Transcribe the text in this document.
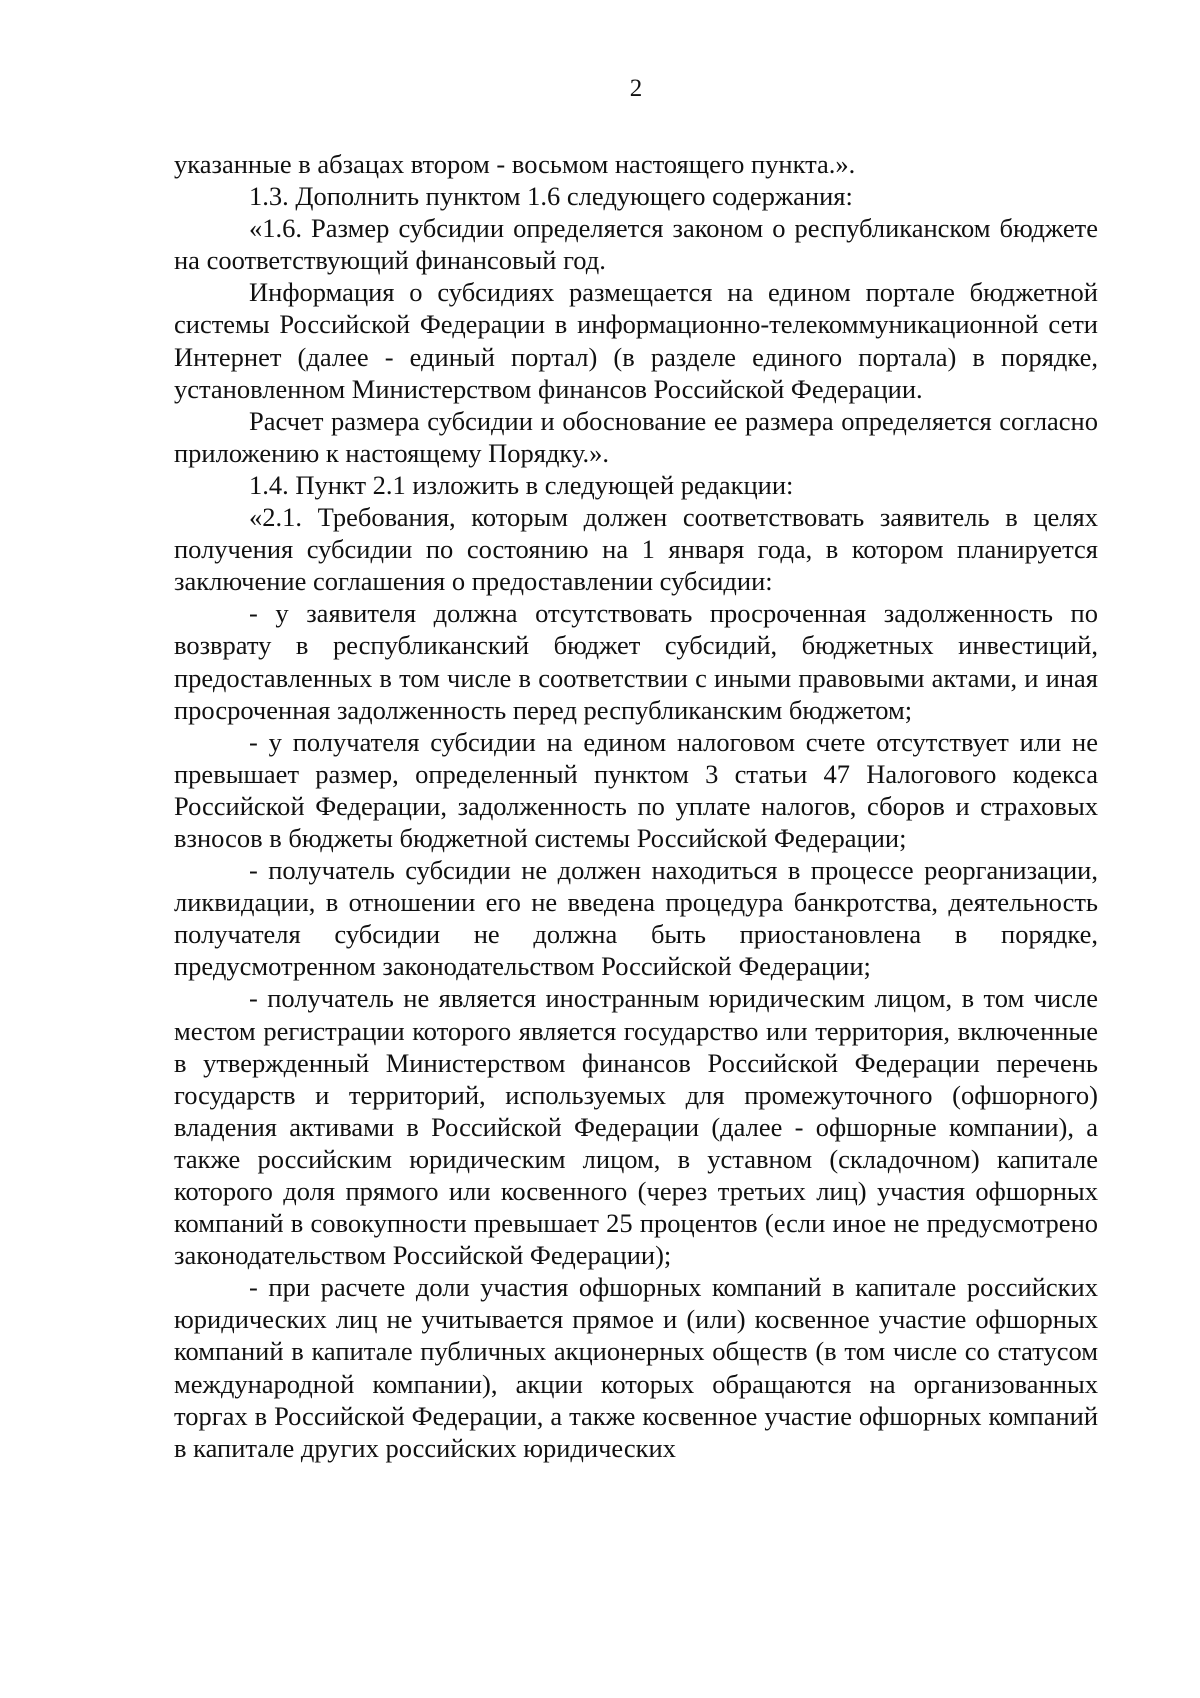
2

указанные в абзацах втором - восьмом настоящего пункта.».

1.3. Дополнить пунктом 1.6 следующего содержания:

«1.6. Размер субсидии определяется законом о республиканском бюджете на соответствующий финансовый год.

Информация о субсидиях размещается на едином портале бюджетной системы Российской Федерации в информационно-телекоммуникационной сети Интернет (далее - единый портал) (в разделе единого портала) в порядке, установленном Министерством финансов Российской Федерации.

Расчет размера субсидии и обоснование ее размера определяется согласно приложению к настоящему Порядку.».

1.4. Пункт 2.1 изложить в следующей редакции:

«2.1. Требования, которым должен соответствовать заявитель в целях получения субсидии по состоянию на 1 января года, в котором планируется заключение соглашения о предоставлении субсидии:

- у заявителя должна отсутствовать просроченная задолженность по возврату в республиканский бюджет субсидий, бюджетных инвестиций, предоставленных в том числе в соответствии с иными правовыми актами, и иная просроченная задолженность перед республиканским бюджетом;

- у получателя субсидии на едином налоговом счете отсутствует или не превышает размер, определенный пунктом 3 статьи 47 Налогового кодекса Российской Федерации, задолженность по уплате налогов, сборов и страховых взносов в бюджеты бюджетной системы Российской Федерации;

- получатель субсидии не должен находиться в процессе реорганизации, ликвидации, в отношении его не введена процедура банкротства, деятельность получателя субсидии не должна быть приостановлена в порядке, предусмотренном законодательством Российской Федерации;

- получатель не является иностранным юридическим лицом, в том числе местом регистрации которого является государство или территория, включенные в утвержденный Министерством финансов Российской Федерации перечень государств и территорий, используемых для промежуточного (офшорного) владения активами в Российской Федерации (далее - офшорные компании), а также российским юридическим лицом, в уставном (складочном) капитале которого доля прямого или косвенного (через третьих лиц) участия офшорных компаний в совокупности превышает 25 процентов (если иное не предусмотрено законодательством Российской Федерации);

- при расчете доли участия офшорных компаний в капитале российских юридических лиц не учитывается прямое и (или) косвенное участие офшорных компаний в капитале публичных акционерных обществ (в том числе со статусом международной компании), акции которых обращаются на организованных торгах в Российской Федерации, а также косвенное участие офшорных компаний в капитале других российских юридических
